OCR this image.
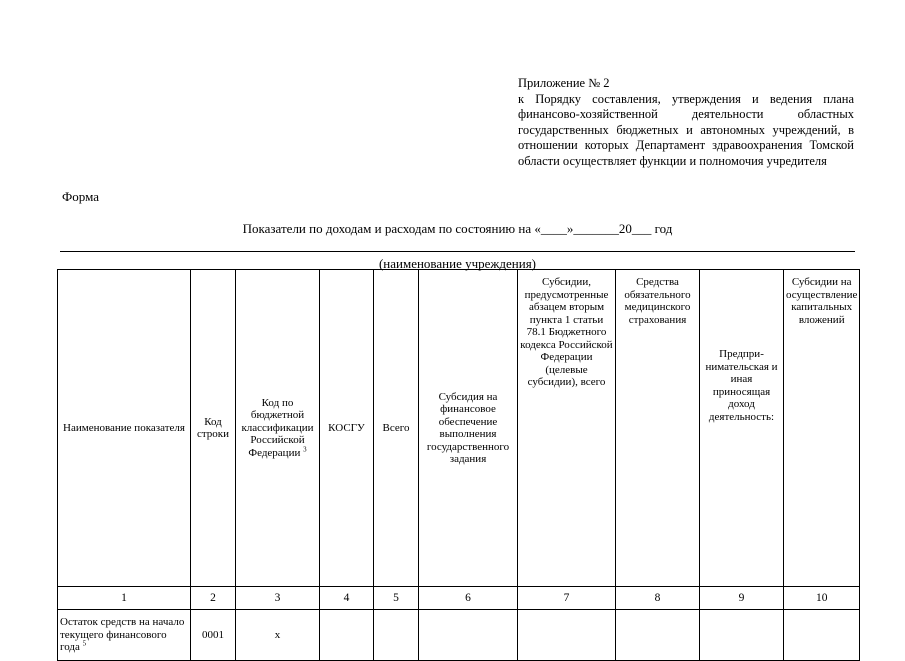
Приложение № 2
к Порядку составления, утверждения и ведения плана финансово-хозяйственной деятельности областных государственных бюджетных и автономных учреждений, в отношении которых Департамент здравоохранения Томской области осуществляет функции и полномочия учредителя
Форма
Показатели по доходам и расходам по состоянию на «____»_______20___ год
(наименование учреждения)
Наименование показателя	Код строки	Код по бюджетной классификации Российской Федерации $^3$	КОСГУ	Всего	Субсидия на финансовое обеспечение выполнения государственного задания	Субсидии, предусмотренные абзацем вторым пункта 1 статьи 78.1 Бюджетного кодекса Российской Федерации (целевые субсидии), всего	Средства обязательного медицинского страхования	Предпри-нимательская и иная приносящая доход деятельность:	Субсидии на осуществление капитальных вложений
1	2	3	4	5	6	7	8	9	10
Остаток средств на начало текущего финансового года $^5$	0001	х							
